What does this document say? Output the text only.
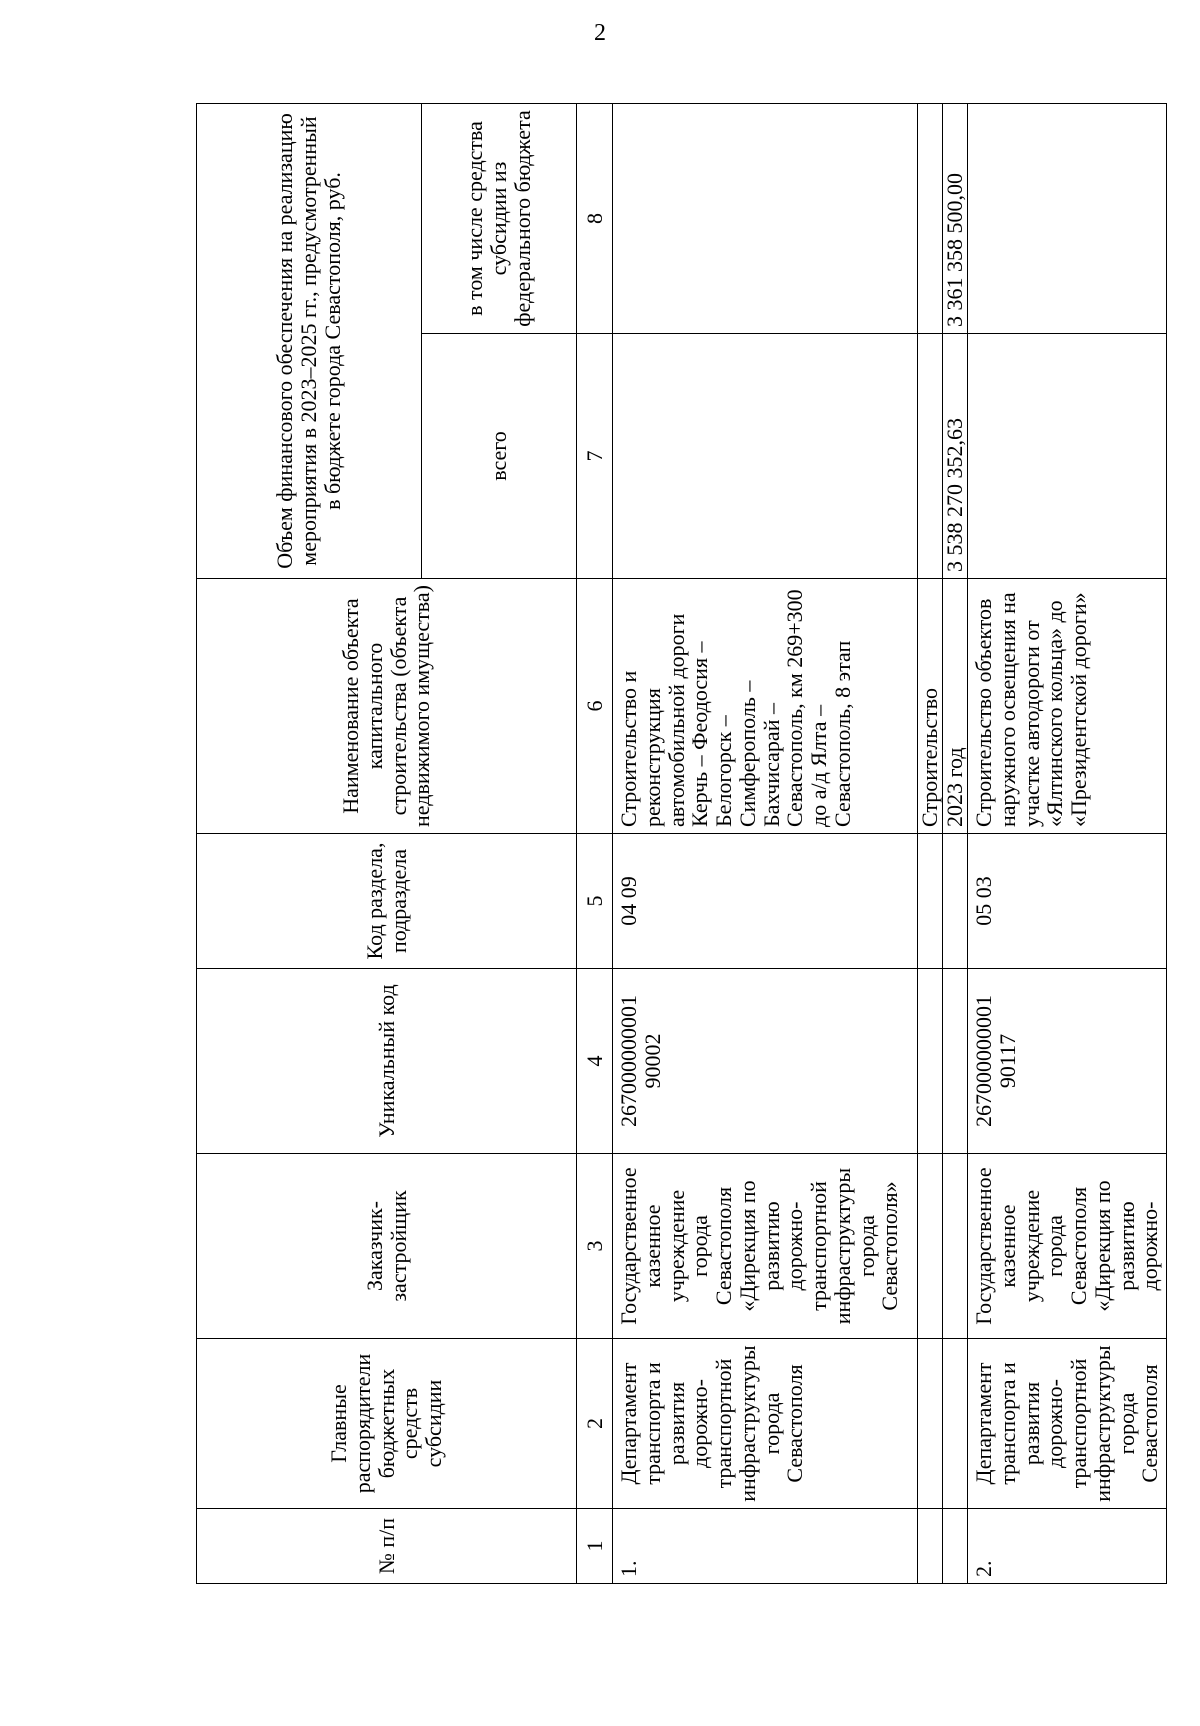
2
№ п/п	Главные распорядители бюджетных средств субсидии	Заказчик-застройщик	Уникальный код	Код раздела, подраздела	Наименование объекта капитального строительства (объекта недвижимого имущества)	Объем финансового обеспечения на реализацию мероприятия в 2023–2025 гг., предусмотренный в бюджете города Севастополя, руб.	
						всего	в том числе средства субсидии из федерального бюджета
1	2	3	4	5	6	7	8
1.	Департамент транспорта и развития дорожно-транспортной инфраструктуры города Севастополя	Государственное казенное учреждение города Севастополя «Дирекция по развитию дорожно-транспортной инфраструктуры города Севастополя»	267000000001 90002	04 09	Строительство и реконструкция автомобильной дороги Керчь – Феодосия – Белогорск – Симферополь – Бахчисарай – Севастополь, км 269+300 до а/д Ялта – Севастополь, 8 этап		
					Строительство		
					2023 год	3 538 270 352,63	3 361 358 500,00
2.	Департамент транспорта и развития дорожно-транспортной инфраструктуры города Севастополя	Государственное казенное учреждение города Севастополя «Дирекция по развитию дорожно-	267000000001 90117	05 03	Строительство объектов наружного освещения на участке автодороги от «Ялтинского кольца» до «Президентской дороги»		
